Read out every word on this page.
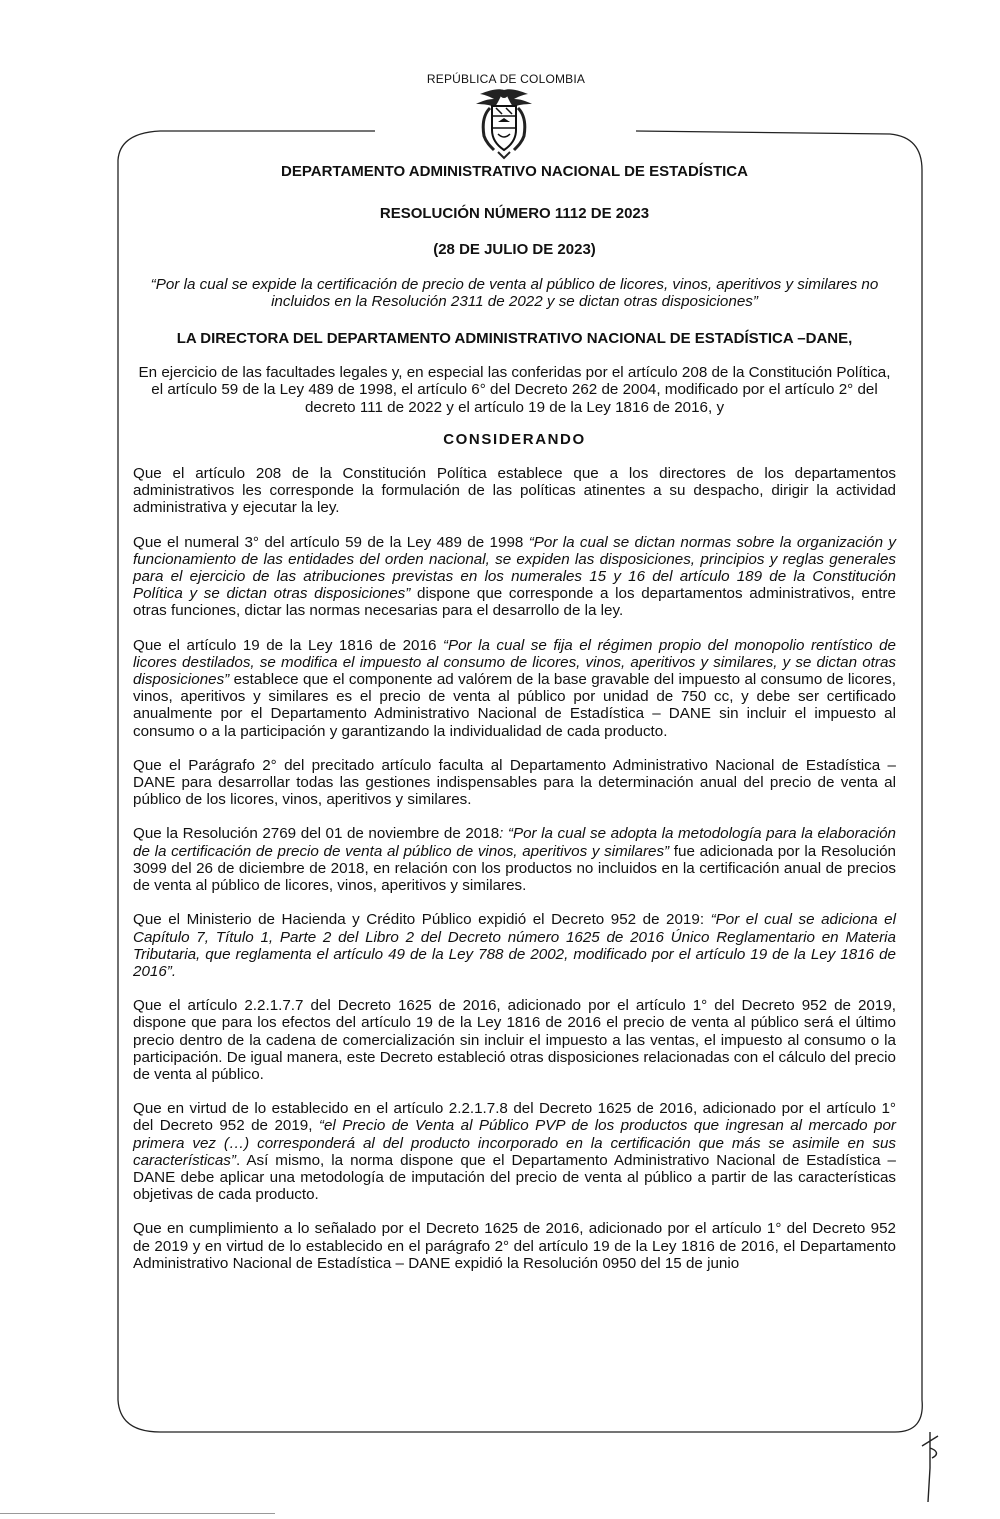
REPÚBLICA DE COLOMBIA
DEPARTAMENTO ADMINISTRATIVO NACIONAL DE ESTADÍSTICA
RESOLUCIÓN NÚMERO 1112 DE 2023
(28 DE JULIO DE 2023)
“Por la cual se expide la certificación de precio de venta al público de licores, vinos, aperitivos y similares no incluidos en la Resolución 2311 de 2022 y se dictan otras disposiciones”
LA DIRECTORA DEL DEPARTAMENTO ADMINISTRATIVO NACIONAL DE ESTADÍSTICA –DANE,
En ejercicio de las facultades legales y, en especial las conferidas por el artículo 208 de la Constitución Política, el artículo 59 de la Ley 489 de 1998, el artículo 6° del Decreto 262 de 2004, modificado por el artículo 2° del decreto 111 de 2022 y el artículo 19 de la Ley 1816 de 2016, y
CONSIDERANDO

Que el artículo 208 de la Constitución Política establece que a los directores de los departamentos administrativos les corresponde la formulación de las políticas atinentes a su despacho, dirigir la actividad administrativa y ejecutar la ley.

Que el numeral 3° del artículo 59 de la Ley 489 de 1998 “Por la cual se dictan normas sobre la organización y funcionamiento de las entidades del orden nacional, se expiden las disposiciones, principios y reglas generales para el ejercicio de las atribuciones previstas en los numerales 15 y 16 del artículo 189 de la Constitución Política y se dictan otras disposiciones” dispone que corresponde a los departamentos administrativos, entre otras funciones, dictar las normas necesarias para el desarrollo de la ley.

Que el artículo 19 de la Ley 1816 de 2016 “Por la cual se fija el régimen propio del monopolio rentístico de licores destilados, se modifica el impuesto al consumo de licores, vinos, aperitivos y similares, y se dictan otras disposiciones” establece que el componente ad valórem de la base gravable del impuesto al consumo de licores, vinos, aperitivos y similares es el precio de venta al público por unidad de 750 cc, y debe ser certificado anualmente por el Departamento Administrativo Nacional de Estadística – DANE sin incluir el impuesto al consumo o a la participación y garantizando la individualidad de cada producto.

Que el Parágrafo 2° del precitado artículo faculta al Departamento Administrativo Nacional de Estadística – DANE para desarrollar todas las gestiones indispensables para la determinación anual del precio de venta al público de los licores, vinos, aperitivos y similares.

Que la Resolución 2769 del 01 de noviembre de 2018: “Por la cual se adopta la metodología para la elaboración de la certificación de precio de venta al público de vinos, aperitivos y similares” fue adicionada por la Resolución 3099 del 26 de diciembre de 2018, en relación con los productos no incluidos en la certificación anual de precios de venta al público de licores, vinos, aperitivos y similares.

Que el Ministerio de Hacienda y Crédito Público expidió el Decreto 952 de 2019: “Por el cual se adiciona el Capítulo 7, Título 1, Parte 2 del Libro 2 del Decreto número 1625 de 2016 Único Reglamentario en Materia Tributaria, que reglamenta el artículo 49 de la Ley 788 de 2002, modificado por el artículo 19 de la Ley 1816 de 2016”.

Que el artículo 2.2.1.7.7 del Decreto 1625 de 2016, adicionado por el artículo 1° del Decreto 952 de 2019, dispone que para los efectos del artículo 19 de la Ley 1816 de 2016 el precio de venta al público será el último precio dentro de la cadena de comercialización sin incluir el impuesto a las ventas, el impuesto al consumo o la participación. De igual manera, este Decreto estableció otras disposiciones relacionadas con el cálculo del precio de venta al público.

Que en virtud de lo establecido en el artículo 2.2.1.7.8 del Decreto 1625 de 2016, adicionado por el artículo 1° del Decreto 952 de 2019, “el Precio de Venta al Público PVP de los productos que ingresan al mercado por primera vez (…) corresponderá al del producto incorporado en la certificación que más se asimile en sus características”. Así mismo, la norma dispone que el Departamento Administrativo Nacional de Estadística – DANE debe aplicar una metodología de imputación del precio de venta al público a partir de las características objetivas de cada producto.

Que en cumplimiento a lo señalado por el Decreto 1625 de 2016, adicionado por el artículo 1° del Decreto 952 de 2019 y en virtud de lo establecido en el parágrafo 2° del artículo 19 de la Ley 1816 de 2016, el Departamento Administrativo Nacional de Estadística – DANE expidió la Resolución 0950 del 15 de junio
